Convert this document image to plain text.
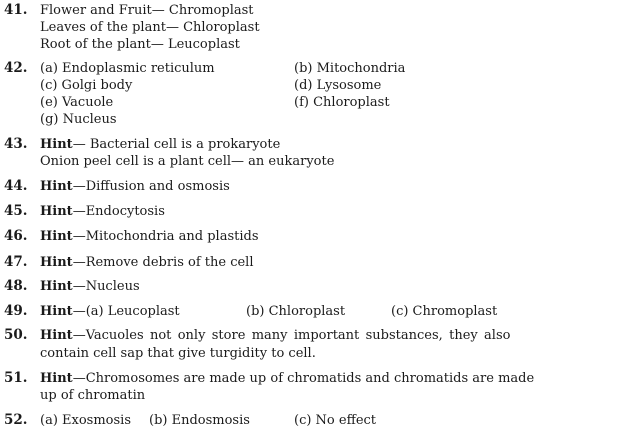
41. Flower and Fruit— Chromoplast
Leaves of the plant— Chloroplast
Root of the plant— Leucoplast
42. (a) Endoplasmic reticulum	(b) Mitochondria
(c) Golgi body	(d) Lysosome
(e) Vacuole	(f) Chloroplast
(g) Nucleus
43. Hint— Bacterial cell is a prokaryote
Onion peel cell is a plant cell— an eukaryote
44. Hint—Diffusion and osmosis
45. Hint—Endocytosis
46. Hint—Mitochondria and plastids
47. Hint—Remove debris of the cell
48. Hint—Nucleus
49. Hint—(a) Leucoplast	(b) Chloroplast	(c) Chromoplast
50. Hint—Vacuoles not only store many important substances, they also
contain cell sap that give turgidity to cell.
51. Hint—Chromosomes are made up of chromatids and chromatids are made
up of chromatin
52. (a) Exosmosis (b) Endosmosis	(c) No effect
